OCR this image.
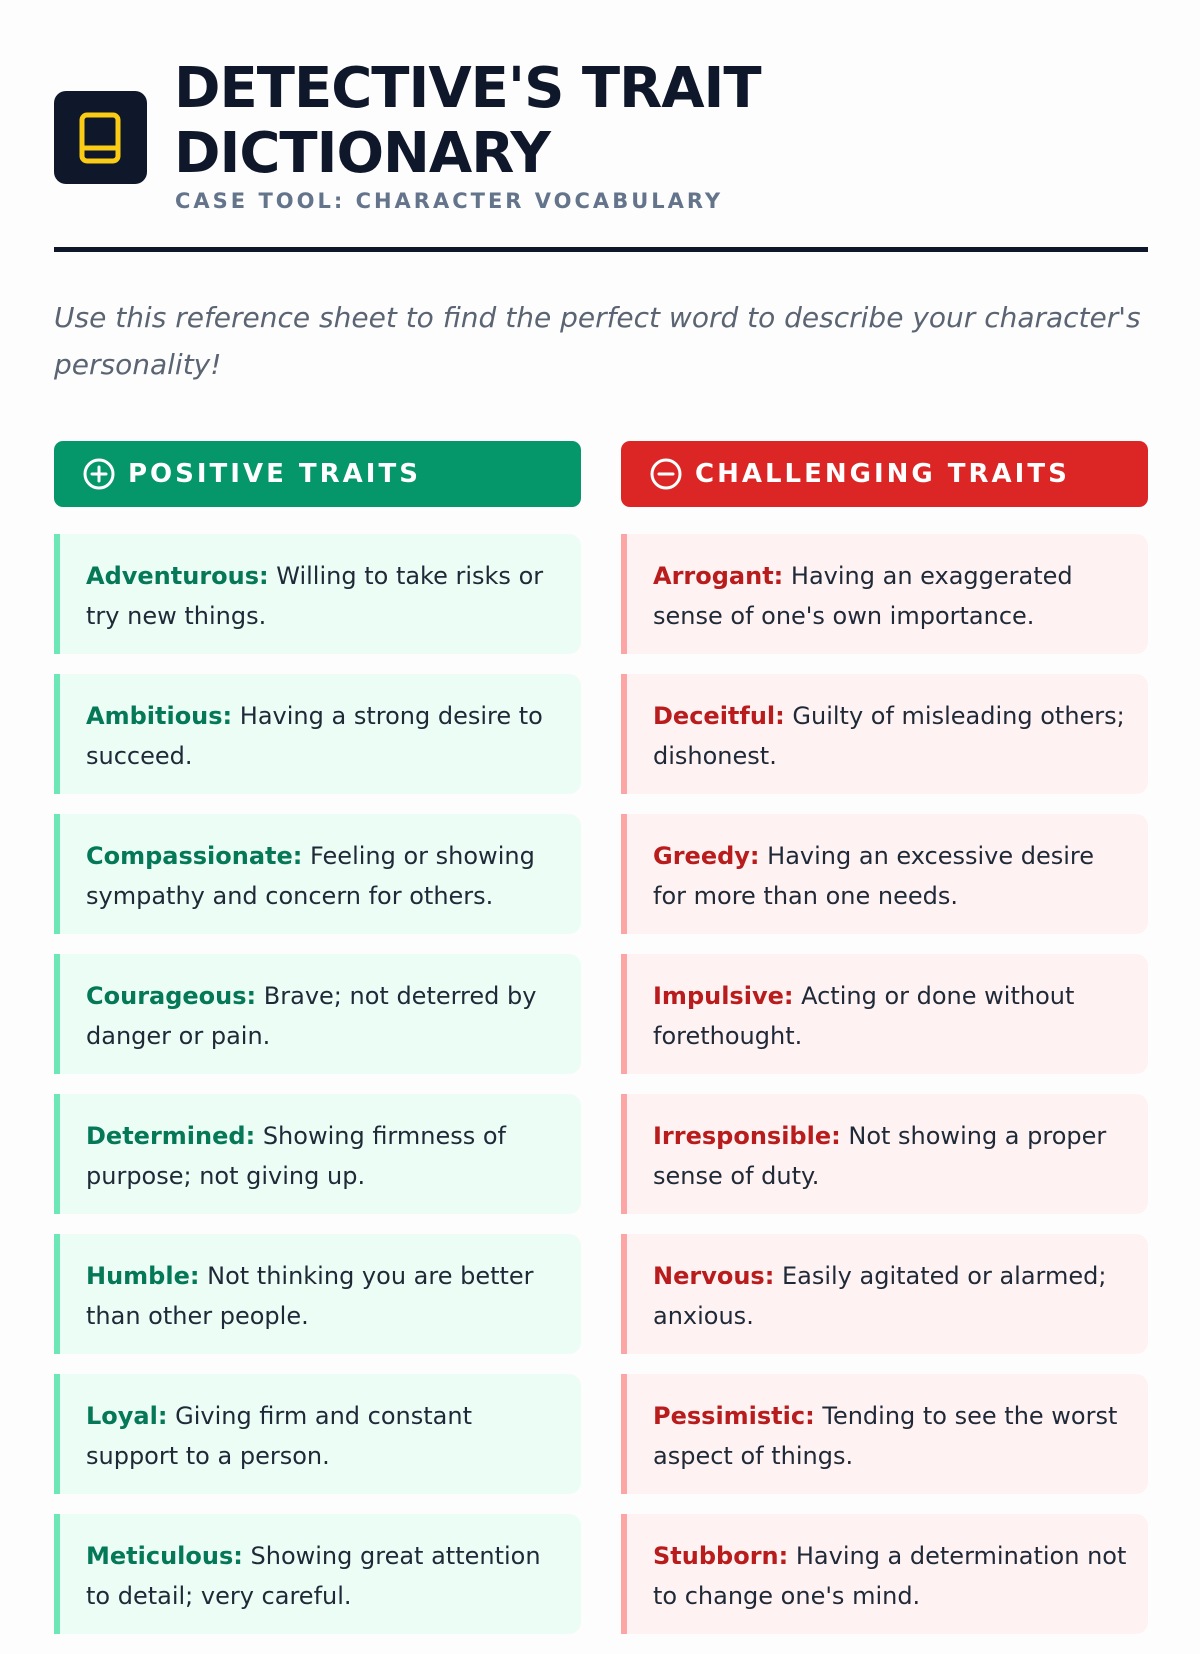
DETECTIVE'S TRAIT DICTIONARY

CASE TOOL: CHARACTER VOCABULARY

Use this reference sheet to find the perfect word to describe your character's personality!

POSITIVE TRAITS
Adventurous: Willing to take risks or try new things.
Ambitious: Having a strong desire to succeed.
Compassionate: Feeling or showing sympathy and concern for others.
Courageous: Brave; not deterred by danger or pain.
Determined: Showing firmness of purpose; not giving up.
Humble: Not thinking you are better than other people.
Loyal: Giving firm and constant support to a person.
Meticulous: Showing great attention to detail; very careful.
CHALLENGING TRAITS
Arrogant: Having an exaggerated sense of one's own importance.
Deceitful: Guilty of misleading others; dishonest.
Greedy: Having an excessive desire for more than one needs.
Impulsive: Acting or done without forethought.
Irresponsible: Not showing a proper sense of duty.
Nervous: Easily agitated or alarmed; anxious.
Pessimistic: Tending to see the worst aspect of things.
Stubborn: Having a determination not to change one's mind.
